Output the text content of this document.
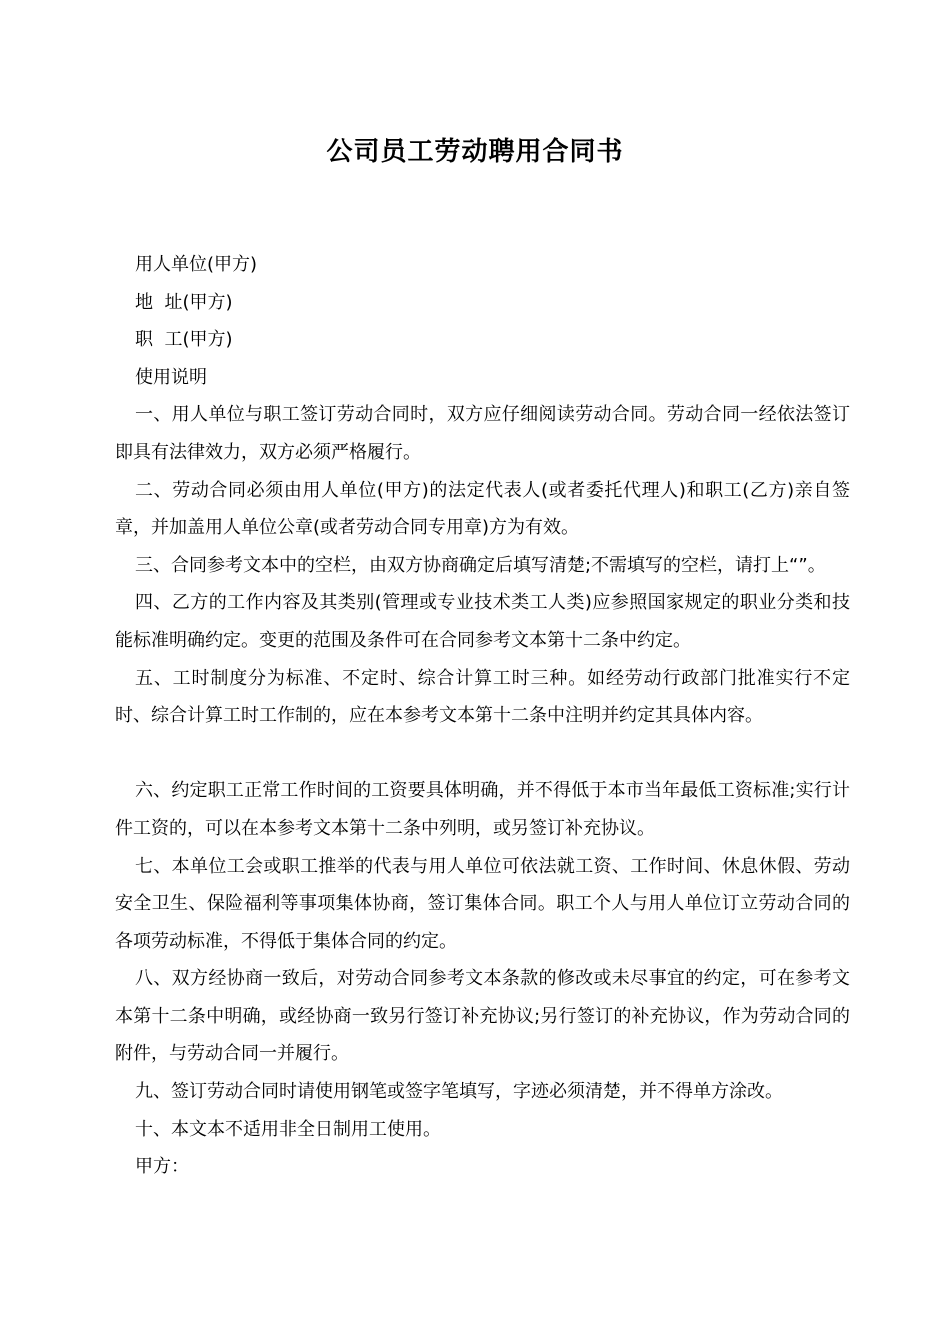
公司员工劳动聘用合同书

用人单位(甲方)

地  址(甲方)

职  工(甲方)

使用说明

一、用人单位与职工签订劳动合同时，双方应仔细阅读劳动合同。劳动合同一经依法签订即具有法律效力，双方必须严格履行。

二、劳动合同必须由用人单位(甲方)的法定代表人(或者委托代理人)和职工(乙方)亲自签章，并加盖用人单位公章(或者劳动合同专用章)方为有效。

三、合同参考文本中的空栏，由双方协商确定后填写清楚;不需填写的空栏，请打上“”。

四、乙方的工作内容及其类别(管理或专业技术类工人类)应参照国家规定的职业分类和技能标准明确约定。变更的范围及条件可在合同参考文本第十二条中约定。

五、工时制度分为标准、不定时、综合计算工时三种。如经劳动行政部门批准实行不定时、综合计算工时工作制的，应在本参考文本第十二条中注明并约定其具体内容。

六、约定职工正常工作时间的工资要具体明确，并不得低于本市当年最低工资标准;实行计件工资的，可以在本参考文本第十二条中列明，或另签订补充协议。

七、本单位工会或职工推举的代表与用人单位可依法就工资、工作时间、休息休假、劳动安全卫生、保险福利等事项集体协商，签订集体合同。职工个人与用人单位订立劳动合同的各项劳动标准，不得低于集体合同的约定。

八、双方经协商一致后，对劳动合同参考文本条款的修改或未尽事宜的约定，可在参考文本第十二条中明确，或经协商一致另行签订补充协议;另行签订的补充协议，作为劳动合同的附件，与劳动合同一并履行。

九、签订劳动合同时请使用钢笔或签字笔填写，字迹必须清楚，并不得单方涂改。

十、本文本不适用非全日制用工使用。

甲方：
